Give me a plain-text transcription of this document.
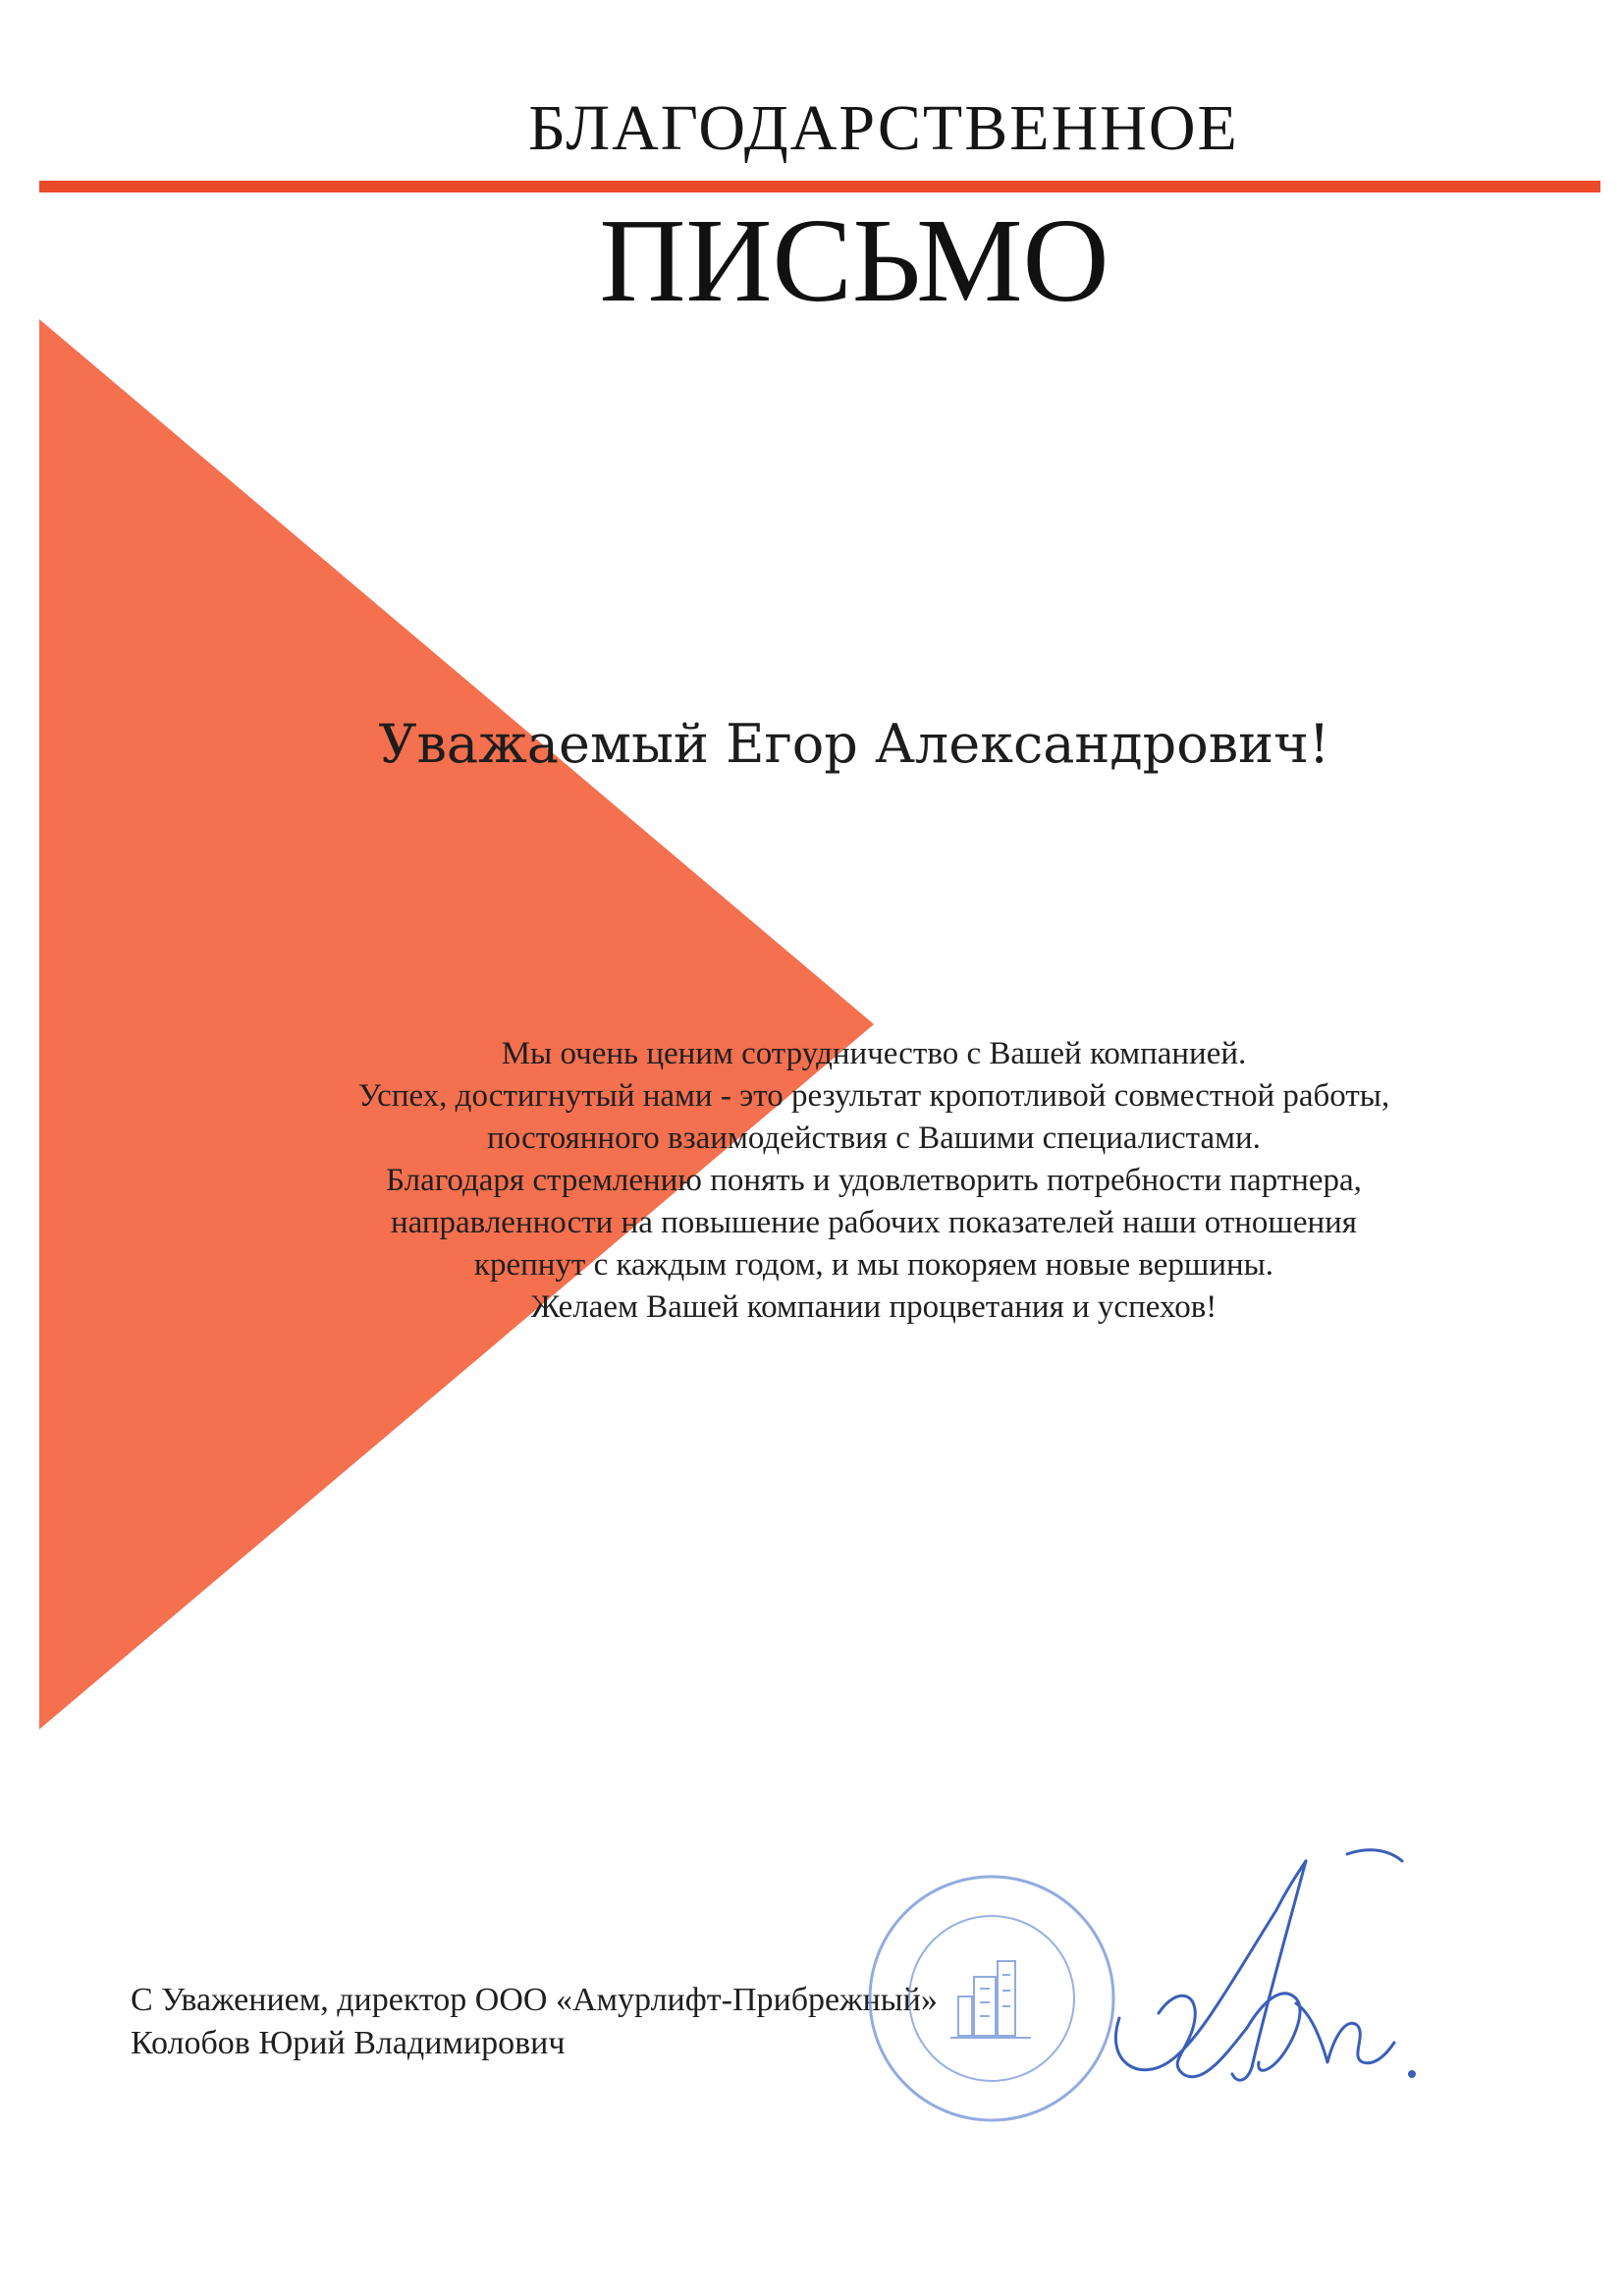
БЛАГОДАРСТВЕННОЕ
ПИСЬМО
Уважаемый Егор Александрович!
Мы очень ценим сотрудничество с Вашей компанией.
Успех, достигнутый нами - это результат кропотливой совместной работы,
постоянного взаимодействия с Вашими специалистами.
Благодаря стремлению понять и удовлетворить потребности партнера,
направленности на повышение рабочих показателей наши отношения
крепнут с каждым годом, и мы покоряем новые вершины.
Желаем Вашей компании процветания и успехов!
С Уважением, директор ООО «Амурлифт-Прибрежный»
Колобов Юрий Владимирович
